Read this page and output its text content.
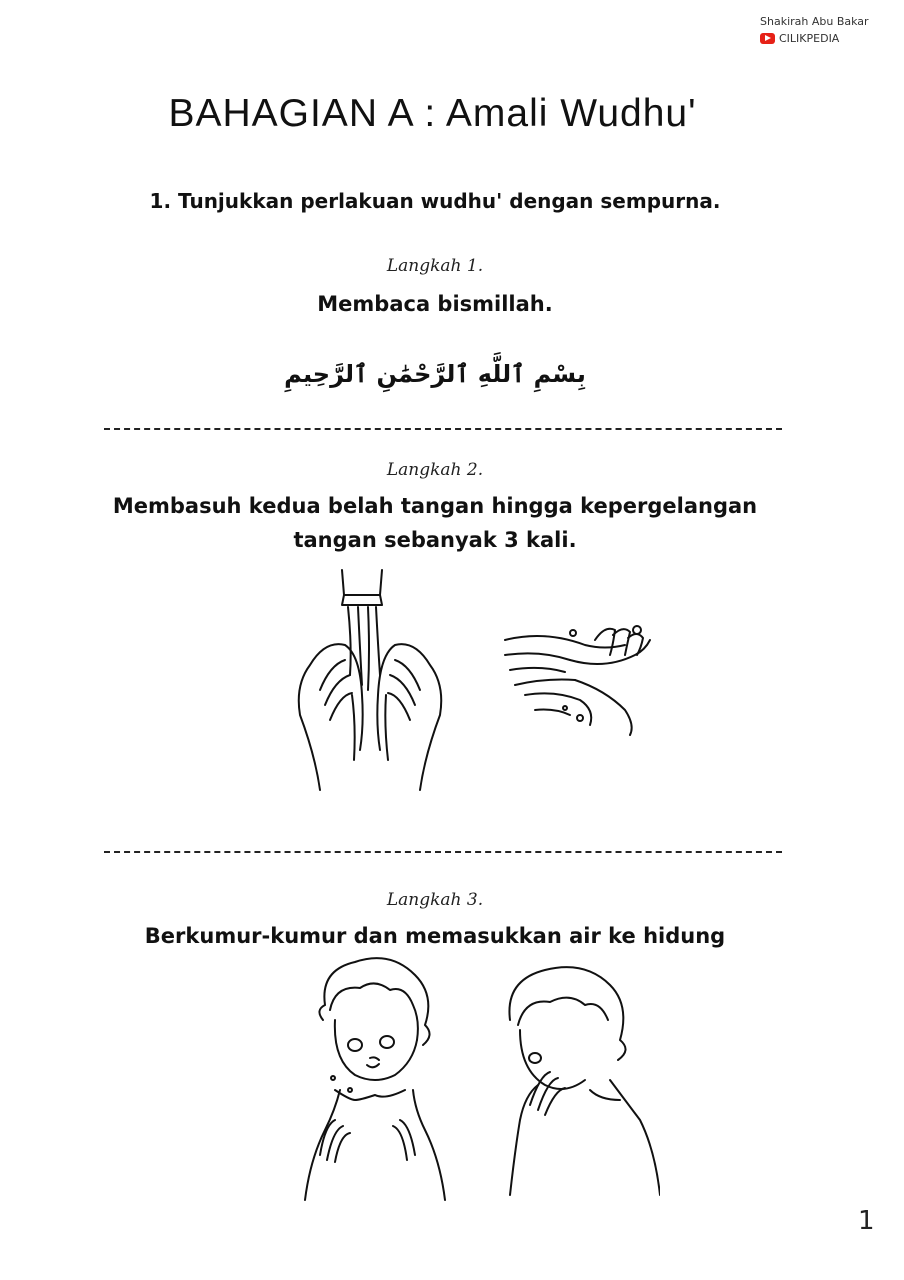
Shakirah Abu Bakar
CILIKPEDIA
BAHAGIAN A : Amali Wudhu'
1. Tunjukkan perlakuan wudhu' dengan sempurna.
Langkah 1.
Membaca bismillah.
بِسْمِ ٱللَّهِ ٱلرَّحْمَٰنِ ٱلرَّحِيمِ
Langkah 2.
Membasuh kedua belah tangan hingga kepergelangan
tangan sebanyak 3 kali.
Langkah 3.
Berkumur-kumur dan memasukkan air ke hidung
1
